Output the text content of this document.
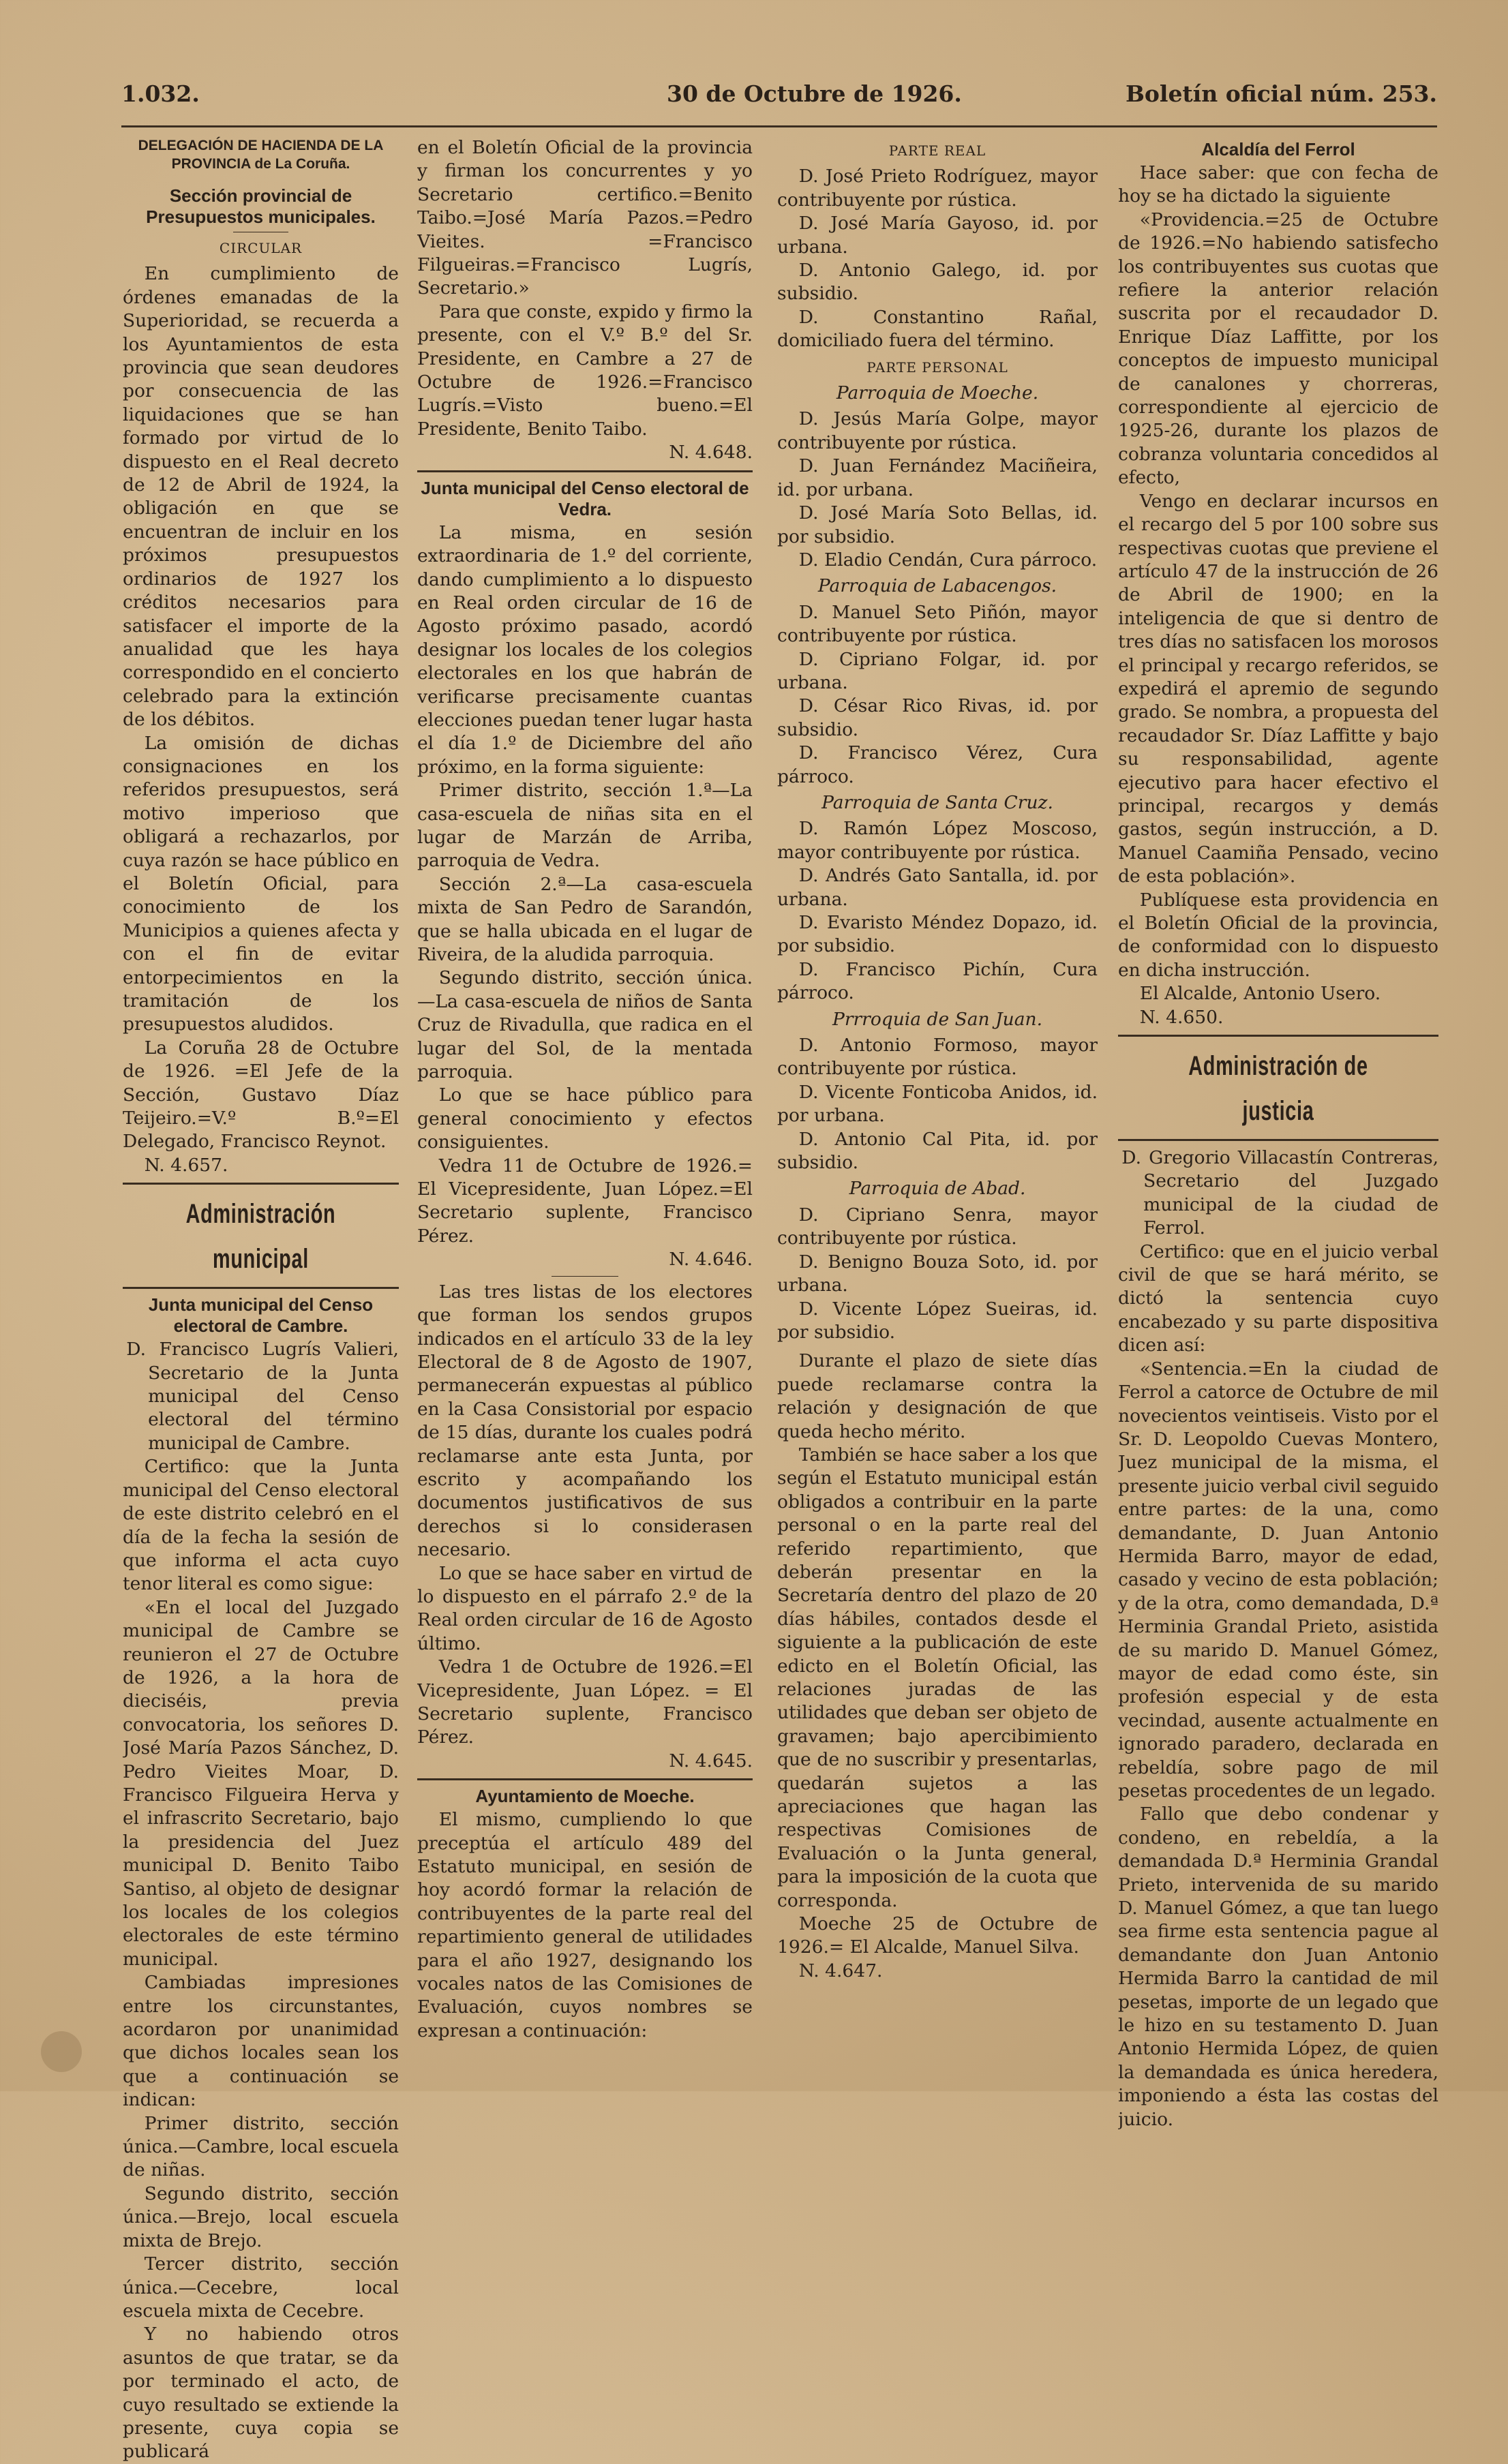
1.032.	30 de Octubre de 1926.	Boletín oficial núm. 253.
DELEGACIÓN DE HACIENDA DE LA PROVINCIA de La Coruña.
Sección provincial de Presupuestos municipales.
CIRCULAR

En cumplimiento de órdenes emanadas de la Superioridad, se recuerda a los Ayuntamientos de esta provincia que sean deudores por consecuencia de las liquidaciones que se han formado por virtud de lo dispuesto en el Real decreto de 12 de Abril de 1924, la obligación en que se encuentran de incluir en los próximos presupuestos ordinarios de 1927 los créditos necesarios para satisfacer el importe de la anualidad que les haya correspondido en el concierto celebrado para la extinción de los débitos.

La omisión de dichas consignaciones en los referidos presupuestos, será motivo imperioso que obligará a rechazarlos, por cuya razón se hace público en el Boletín Oficial, para conocimiento de los Municipios a quienes afecta y con el fin de evitar entorpecimientos en la tramitación de los presupuestos aludidos.

La Coruña 28 de Octubre de 1926. =El Jefe de la Sección, Gustavo Díaz Teijeiro.=V.º B.º=El Delegado, Francisco Reynot.

N. 4.657.

Administración municipal
Junta municipal del Censo electoral de Cambre.

D. Francisco Lugrís Valieri, Secretario de la Junta municipal del Censo electoral del término municipal de Cambre.

Certifico: que la Junta municipal del Censo electoral de este distrito celebró en el día de la fecha la sesión de que informa el acta cuyo tenor literal es como sigue:

«En el local del Juzgado municipal de Cambre se reunieron el 27 de Octubre de 1926, a la hora de dieciséis, previa convocatoria, los señores D. José María Pazos Sánchez, D. Pedro Vieites Moar, D. Francisco Filgueira Herva y el infrascrito Secretario, bajo la presidencia del Juez municipal D. Benito Taibo Santiso, al objeto de designar los locales de los colegios electorales de este término municipal.

Cambiadas impresiones entre los circunstantes, acordaron por unanimidad que dichos locales sean los que a continuación se indican:

Primer distrito, sección única.—Cambre, local escuela de niñas.

Segundo distrito, sección única.—Brejo, local escuela mixta de Brejo.

Tercer distrito, sección única.—Cecebre, local escuela mixta de Cecebre.

Y no habiendo otros asuntos de que tratar, se da por terminado el acto, de cuyo resultado se extiende la presente, cuya copia se publicará

en el Boletín Oficial de la provincia y firman los concurrentes y yo Secretario certifico.=Benito Taibo.=José María Pazos.=Pedro Vieites. =Francisco Filgueiras.=Francisco Lugrís, Secretario.»

Para que conste, expido y firmo la presente, con el V.º B.º del Sr. Presidente, en Cambre a 27 de Octubre de 1926.=Francisco Lugrís.=Visto bueno.=El Presidente, Benito Taibo.

N. 4.648.

Junta municipal del Censo electoral de Vedra.

La misma, en sesión extraordinaria de 1.º del corriente, dando cumplimiento a lo dispuesto en Real orden circular de 16 de Agosto próximo pasado, acordó designar los locales de los colegios electorales en los que habrán de verificarse precisamente cuantas elecciones puedan tener lugar hasta el día 1.º de Diciembre del año próximo, en la forma siguiente:

Primer distrito, sección 1.ª—La casa-escuela de niñas sita en el lugar de Marzán de Arriba, parroquia de Vedra.

Sección 2.ª—La casa-escuela mixta de San Pedro de Sarandón, que se halla ubicada en el lugar de Riveira, de la aludida parroquia.

Segundo distrito, sección única. —La casa-escuela de niños de Santa Cruz de Rivadulla, que radica en el lugar del Sol, de la mentada parroquia.

Lo que se hace público para general conocimiento y efectos consiguientes.

Vedra 11 de Octubre de 1926.= El Vicepresidente, Juan López.=El Secretario suplente, Francisco Pérez.

N. 4.646.

Las tres listas de los electores que forman los sendos grupos indicados en el artículo 33 de la ley Electoral de 8 de Agosto de 1907, permanecerán expuestas al público en la Casa Consistorial por espacio de 15 días, durante los cuales podrá reclamarse ante esta Junta, por escrito y acompañando los documentos justificativos de sus derechos si lo considerasen necesario.

Lo que se hace saber en virtud de lo dispuesto en el párrafo 2.º de la Real orden circular de 16 de Agosto último.

Vedra 1 de Octubre de 1926.=El Vicepresidente, Juan López. = El Secretario suplente, Francisco Pérez.

N. 4.645.

Ayuntamiento de Moeche.

El mismo, cumpliendo lo que preceptúa el artículo 489 del Estatuto municipal, en sesión de hoy acordó formar la relación de contribuyentes de la parte real del repartimiento general de utilidades para el año 1927, designando los vocales natos de las Comisiones de Evaluación, cuyos nombres se expresan a continuación:

PARTE REAL

D. José Prieto Rodríguez, mayor contribuyente por rústica.

D. José María Gayoso, id. por urbana.

D. Antonio Galego, id. por subsidio.

D. Constantino Rañal, domiciliado fuera del término.

PARTE PERSONAL
Parroquia de Moeche.

D. Jesús María Golpe, mayor contribuyente por rústica.

D. Juan Fernández Maciñeira, id. por urbana.

D. José María Soto Bellas, id. por subsidio.

D. Eladio Cendán, Cura párroco.

Parroquia de Labacengos.

D. Manuel Seto Piñón, mayor contribuyente por rústica.

D. Cipriano Folgar, id. por urbana.

D. César Rico Rivas, id. por subsidio.

D. Francisco Vérez, Cura párroco.

Parroquia de Santa Cruz.

D. Ramón López Moscoso, mayor contribuyente por rústica.

D. Andrés Gato Santalla, id. por urbana.

D. Evaristo Méndez Dopazo, id. por subsidio.

D. Francisco Pichín, Cura párroco.

Prrroquia de San Juan.

D. Antonio Formoso, mayor contribuyente por rústica.

D. Vicente Fonticoba Anidos, id. por urbana.

D. Antonio Cal Pita, id. por subsidio.

Parroquia de Abad.

D. Cipriano Senra, mayor contribuyente por rústica.

D. Benigno Bouza Soto, id. por urbana.

D. Vicente López Sueiras, id. por subsidio.

Durante el plazo de siete días puede reclamarse contra la relación y designación de que queda hecho mérito.

También se hace saber a los que según el Estatuto municipal están obligados a contribuir en la parte personal o en la parte real del referido repartimiento, que deberán presentar en la Secretaría dentro del plazo de 20 días hábiles, contados desde el siguiente a la publicación de este edicto en el Boletín Oficial, las relaciones juradas de las utilidades que deban ser objeto de gravamen; bajo apercibimiento que de no suscribir y presentarlas, quedarán sujetos a las apreciaciones que hagan las respectivas Comisiones de Evaluación o la Junta general, para la imposición de la cuota que corresponda.

Moeche 25 de Octubre de 1926.= El Alcalde, Manuel Silva.

N. 4.647.

Alcaldía del Ferrol

Hace saber: que con fecha de hoy se ha dictado la siguiente

«Providencia.=25 de Octubre de 1926.=No habiendo satisfecho los contribuyentes sus cuotas que refiere la anterior relación suscrita por el recaudador D. Enrique Díaz Laffitte, por los conceptos de impuesto municipal de canalones y chorreras, correspondiente al ejercicio de 1925-26, durante los plazos de cobranza voluntaria concedidos al efecto,

Vengo en declarar incursos en el recargo del 5 por 100 sobre sus respectivas cuotas que previene el artículo 47 de la instrucción de 26 de Abril de 1900; en la inteligencia de que si dentro de tres días no satisfacen los morosos el principal y recargo referidos, se expedirá el apremio de segundo grado. Se nombra, a propuesta del recaudador Sr. Díaz Laffitte y bajo su responsabilidad, agente ejecutivo para hacer efectivo el principal, recargos y demás gastos, según instrucción, a D. Manuel Caamiña Pensado, vecino de esta población».

Publíquese esta providencia en el Boletín Oficial de la provincia, de conformidad con lo dispuesto en dicha instrucción.

El Alcalde, Antonio Usero.

N. 4.650.

Administración de justicia

D. Gregorio Villacastín Contreras, Secretario del Juzgado municipal de la ciudad de Ferrol.

Certifico: que en el juicio verbal civil de que se hará mérito, se dictó la sentencia cuyo encabezado y su parte dispositiva dicen así:

«Sentencia.=En la ciudad de Ferrol a catorce de Octubre de mil novecientos veintiseis. Visto por el Sr. D. Leopoldo Cuevas Montero, Juez municipal de la misma, el presente juicio verbal civil seguido entre partes: de la una, como demandante, D. Juan Antonio Hermida Barro, mayor de edad, casado y vecino de esta población; y de la otra, como demandada, D.ª Herminia Grandal Prieto, asistida de su marido D. Manuel Gómez, mayor de edad como éste, sin profesión especial y de esta vecindad, ausente actualmente en ignorado paradero, declarada en rebeldía, sobre pago de mil pesetas procedentes de un legado.

Fallo que debo condenar y condeno, en rebeldía, a la demandada D.ª Herminia Grandal Prieto, intervenida de su marido D. Manuel Gómez, a que tan luego sea firme esta sentencia pague al demandante don Juan Antonio Hermida Barro la cantidad de mil pesetas, importe de un legado que le hizo en su testamento D. Juan Antonio Hermida López, de quien la demandada es única heredera, imponiendo a ésta las costas del juicio.
